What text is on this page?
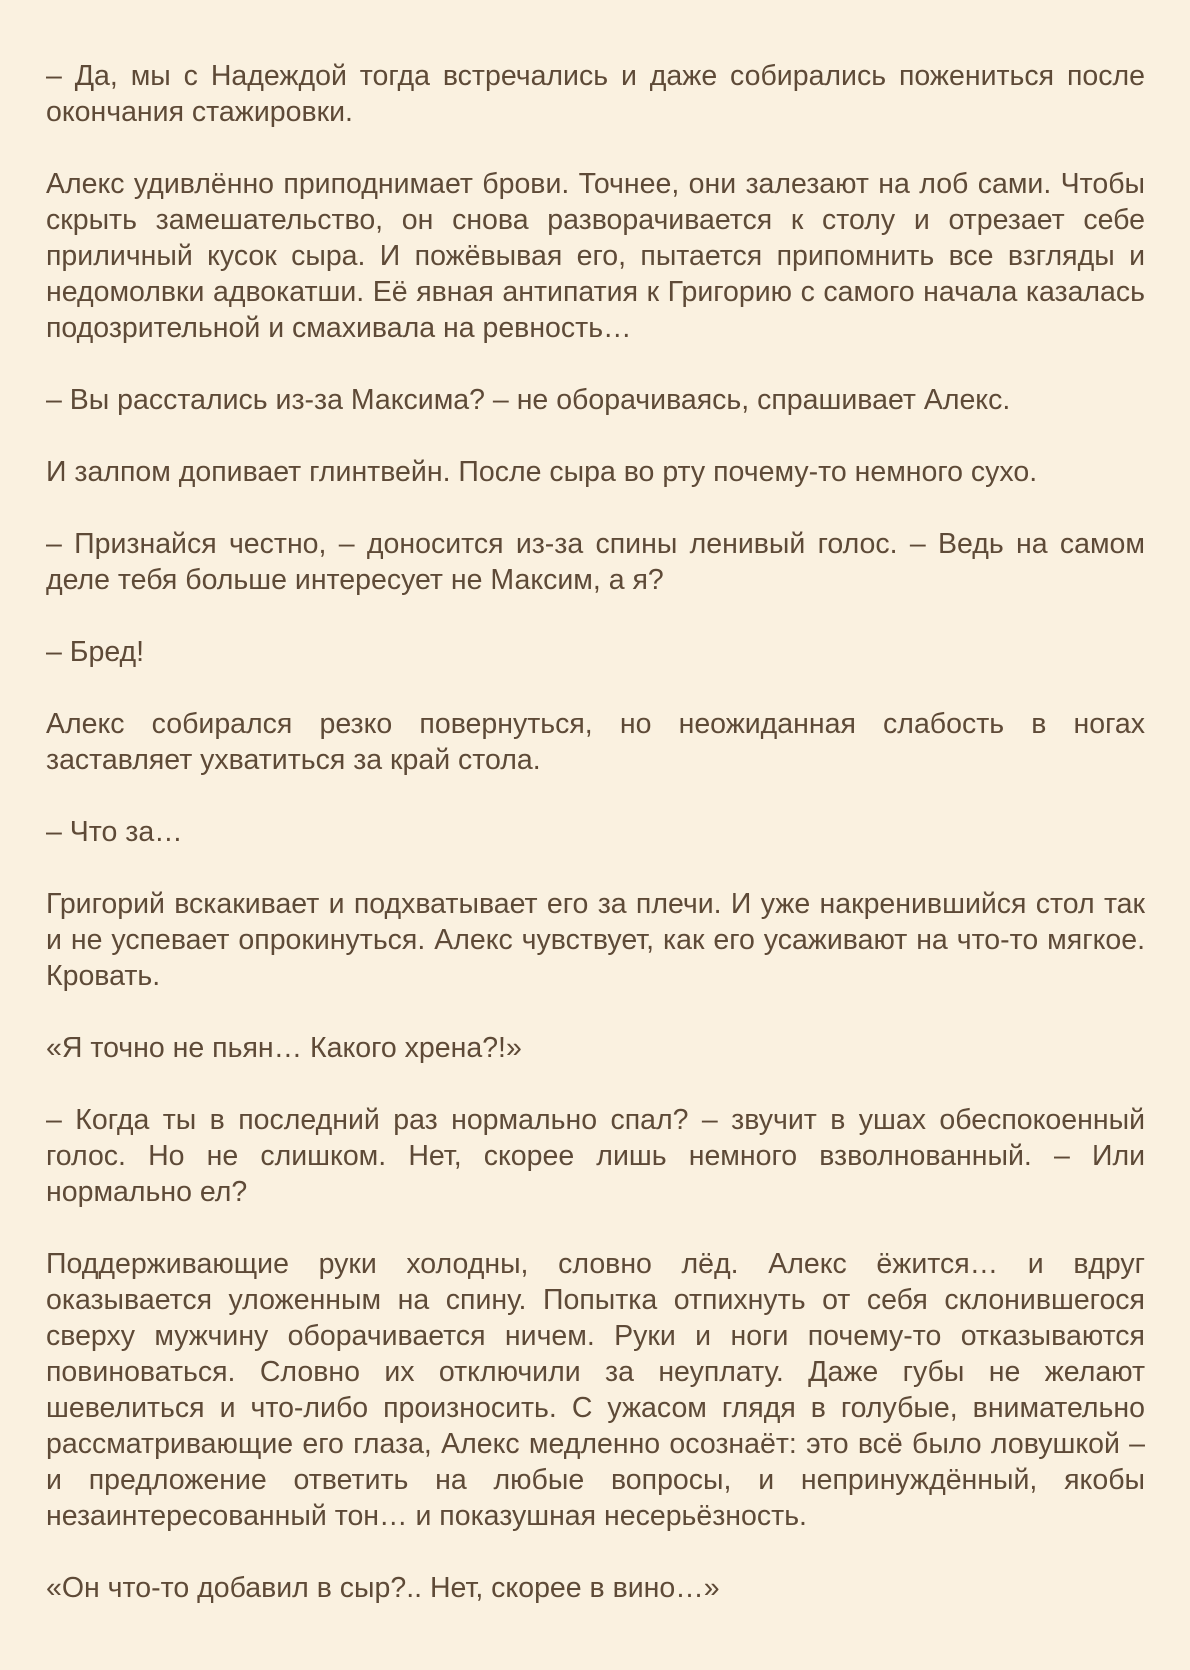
– Да, мы с Надеждой тогда встречались и даже собирались пожениться после окончания стажировки.

Алекс удивлённо приподнимает брови. Точнее, они залезают на лоб сами. Чтобы скрыть замешательство, он снова разворачивается к столу и отрезает себе приличный кусок сыра. И пожёвывая его, пытается припомнить все взгляды и недомолвки адвокатши. Её явная антипатия к Григорию с самого начала казалась подозрительной и смахивала на ревность…

– Вы расстались из-за Максима? – не оборачиваясь, спрашивает Алекс.

И залпом допивает глинтвейн. После сыра во рту почему-то немного сухо.

– Признайся честно, – доносится из-за спины ленивый голос. – Ведь на самом деле тебя больше интересует не Максим, а я?

– Бред!

Алекс собирался резко повернуться, но неожиданная слабость в ногах заставляет ухватиться за край стола.

– Что за…

Григорий вскакивает и подхватывает его за плечи. И уже накренившийся стол так и не успевает опрокинуться. Алекс чувствует, как его усаживают на что-то мягкое. Кровать.

«Я точно не пьян… Какого хрена?!»

– Когда ты в последний раз нормально спал? – звучит в ушах обеспокоенный голос. Но не слишком. Нет, скорее лишь немного взволнованный. – Или нормально ел?

Поддерживающие руки холодны, словно лёд. Алекс ёжится… и вдруг оказывается уложенным на спину. Попытка отпихнуть от себя склонившегося сверху мужчину оборачивается ничем. Руки и ноги почему-то отказываются повиноваться. Словно их отключили за неуплату. Даже губы не желают шевелиться и что-либо произносить. С ужасом глядя в голубые, внимательно рассматривающие его глаза, Алекс медленно осознаёт: это всё было ловушкой – и предложение ответить на любые вопросы, и непринуждённый, якобы незаинтересованный тон… и показушная несерьёзность.

«Он что-то добавил в сыр?.. Нет, скорее в вино…»
